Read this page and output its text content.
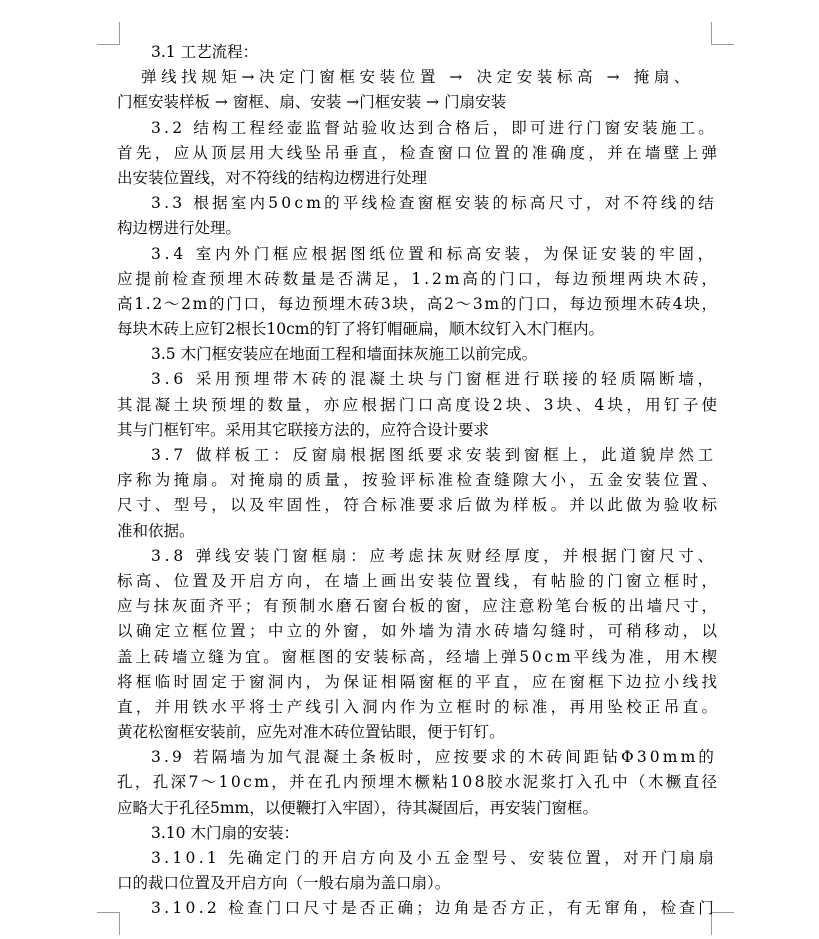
3.1 工艺流程：
弹线找规矩→决定门窗框安装位置 → 决定安装标高 → 掩扇、
门框安装样板 → 窗框、扇、安装 →门框安装 → 门扇安装
3.2 结构工程经壶监督站验收达到合格后，即可进行门窗安装施工。
首先，应从顶层用大线坠吊垂直，检查窗口位置的准确度，并在墙壁上弹
出安装位置线，对不符线的结构边楞进行处理
3.3 根据室内50cm的平线检查窗框安装的标高尺寸，对不符线的结
构边楞进行处理。
3.4 室内外门框应根据图纸位置和标高安装，为保证安装的牢固，
应提前检查预埋木砖数量是否满足，1.2m高的门口，每边预埋两块木砖，
高1.2～2m的门口，每边预埋木砖3块，高2～3m的门口，每边预埋木砖4块，
每块木砖上应钉2根长10cm的钉了将钉帽砸扁，顺木纹钉入木门框内。
3.5 木门框安装应在地面工程和墙面抹灰施工以前完成。
3.6 采用预埋带木砖的混凝土块与门窗框进行联接的轻质隔断墙，
其混凝土块预埋的数量，亦应根据门口高度设2块、3块、4块，用钉子使
其与门框钉牢。采用其它联接方法的，应符合设计要求
3.7 做样板工：反窗扇根据图纸要求安装到窗框上，此道貌岸然工
序称为掩扇。对掩扇的质量，按验评标准检查缝隙大小，五金安装位置、
尺寸、型号，以及牢固性，符合标准要求后做为样板。并以此做为验收标
准和依据。
3.8 弹线安装门窗框扇：应考虑抹灰财经厚度，并根据门窗尺寸、
标高、位置及开启方向，在墙上画出安装位置线，有帖脸的门窗立框时，
应与抹灰面齐平；有预制水磨石窗台板的窗，应注意粉笔台板的出墙尺寸，
以确定立框位置；中立的外窗，如外墙为清水砖墙勾缝时，可稍移动，以
盖上砖墙立缝为宜。窗框图的安装标高，经墙上弹50cm平线为准，用木楔
将框临时固定于窗洞内，为保证相隔窗框的平直，应在窗框下边拉小线找
直，并用铁水平将士产线引入洞内作为立框时的标准，再用坠校正吊直。
黄花松窗框安装前，应先对准木砖位置钻眼，便于钉钉。
3.9 若隔墙为加气混凝土条板时，应按要求的木砖间距钻Φ30mm的
孔，孔深7～10cm，并在孔内预埋木橛粘108胶水泥浆打入孔中（木橛直径
应略大于孔径5mm，以便鞭打入牢固），待其凝固后，再安装门窗框。
3.10 木门扇的安装：
3.10.1 先确定门的开启方向及小五金型号、安装位置，对开门扇扇
口的裁口位置及开启方向（一般右扇为盖口扇）。
3.10.2 检查门口尺寸是否正确；边角是否方正，有无窜角，检查门
